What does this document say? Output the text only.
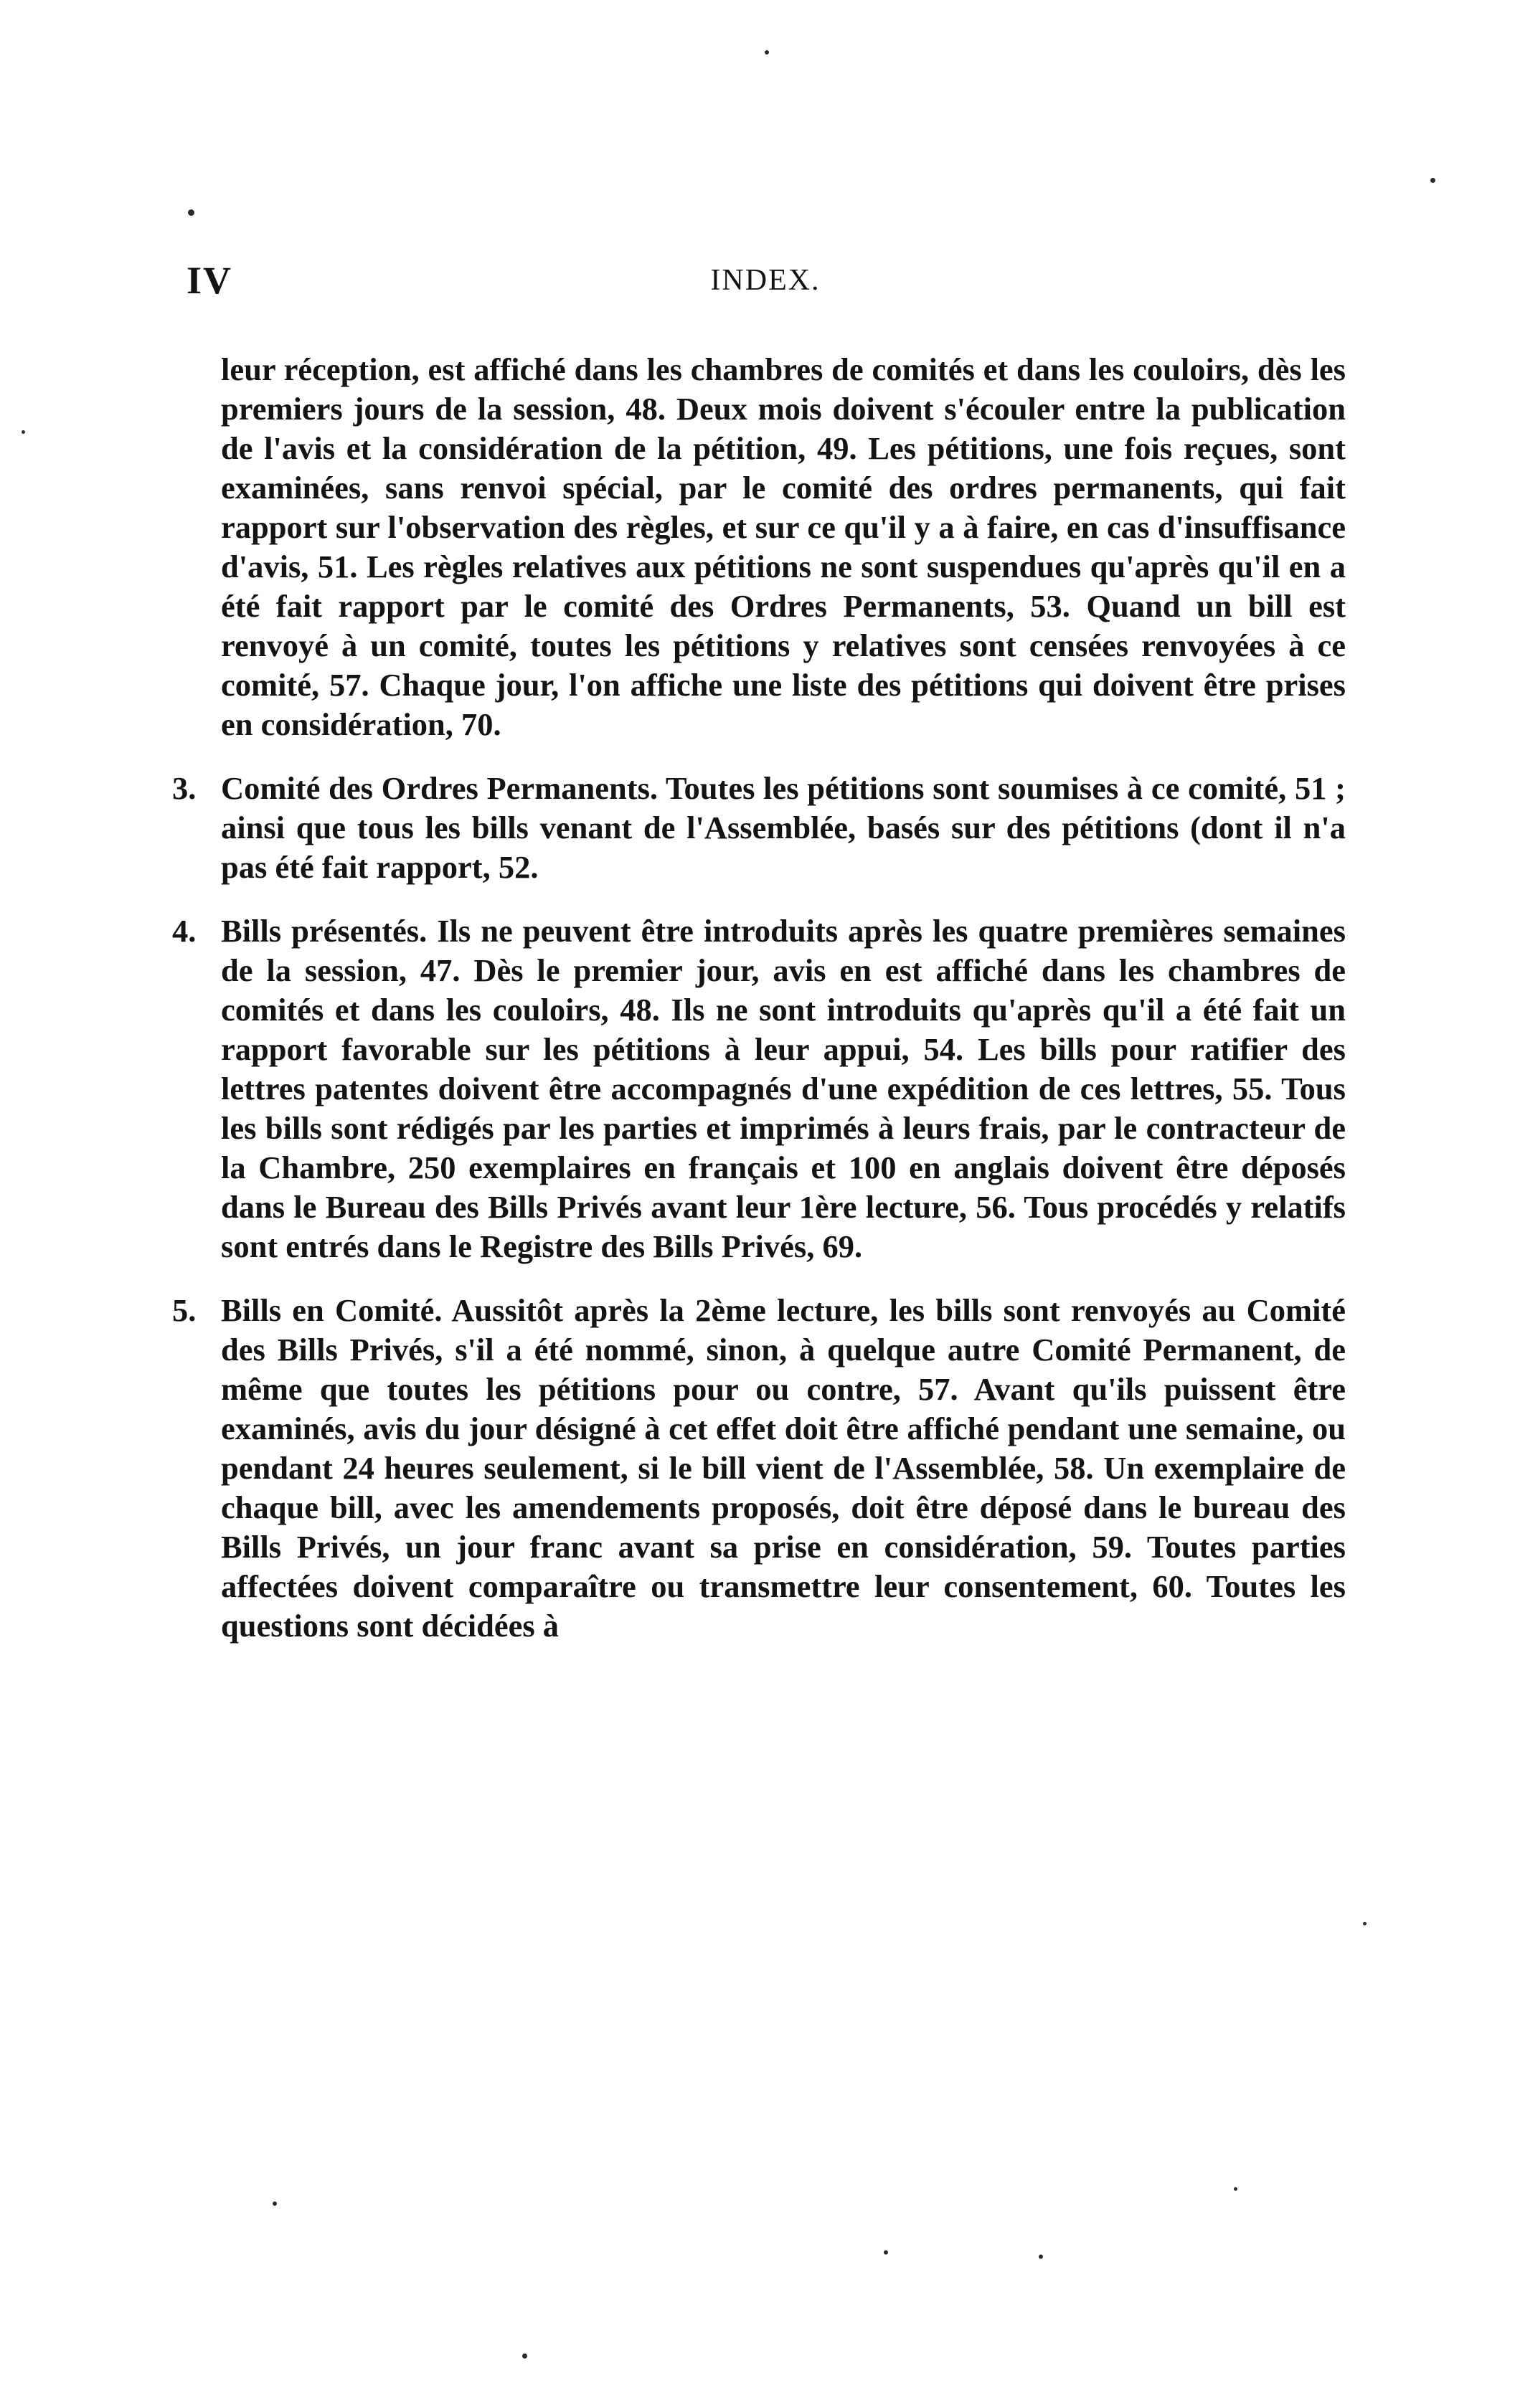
IV	INDEX.

leur réception, est affiché dans les chambres de comités et dans les couloirs, dès les premiers jours de la session, 48. Deux mois doivent s'écouler entre la publication de l'avis et la considération de la pétition, 49. Les pétitions, une fois reçues, sont examinées, sans renvoi spécial, par le comité des ordres permanents, qui fait rapport sur l'observation des règles, et sur ce qu'il y a à faire, en cas d'insuffisance d'avis, 51. Les règles relatives aux pétitions ne sont suspendues qu'après qu'il en a été fait rapport par le comité des Ordres Permanents, 53. Quand un bill est renvoyé à un comité, toutes les pétitions y relatives sont censées renvoyées à ce comité, 57. Chaque jour, l'on affiche une liste des pétitions qui doivent être prises en considération, 70.

3. Comité des Ordres Permanents. Toutes les pétitions sont soumises à ce comité, 51 ; ainsi que tous les bills venant de l'Assemblée, basés sur des pétitions (dont il n'a pas été fait rapport, 52.

4. Bills présentés. Ils ne peuvent être introduits après les quatre premières semaines de la session, 47. Dès le premier jour, avis en est affiché dans les chambres de comités et dans les couloirs, 48. Ils ne sont introduits qu'après qu'il a été fait un rapport favorable sur les pétitions à leur appui, 54. Les bills pour ratifier des lettres patentes doivent être accompagnés d'une expédition de ces lettres, 55. Tous les bills sont rédigés par les parties et imprimés à leurs frais, par le contracteur de la Chambre, 250 exemplaires en français et 100 en anglais doivent être déposés dans le Bureau des Bills Privés avant leur 1ère lecture, 56. Tous procédés y relatifs sont entrés dans le Registre des Bills Privés, 69.

5. Bills en Comité. Aussitôt après la 2ème lecture, les bills sont renvoyés au Comité des Bills Privés, s'il a été nommé, sinon, à quelque autre Comité Permanent, de même que toutes les pétitions pour ou contre, 57. Avant qu'ils puissent être examinés, avis du jour désigné à cet effet doit être affiché pendant une semaine, ou pendant 24 heures seulement, si le bill vient de l'Assemblée, 58. Un exemplaire de chaque bill, avec les amendements proposés, doit être déposé dans le bureau des Bills Privés, un jour franc avant sa prise en considération, 59. Toutes parties affectées doivent comparaître ou transmettre leur consentement, 60. Toutes les questions sont décidées à
